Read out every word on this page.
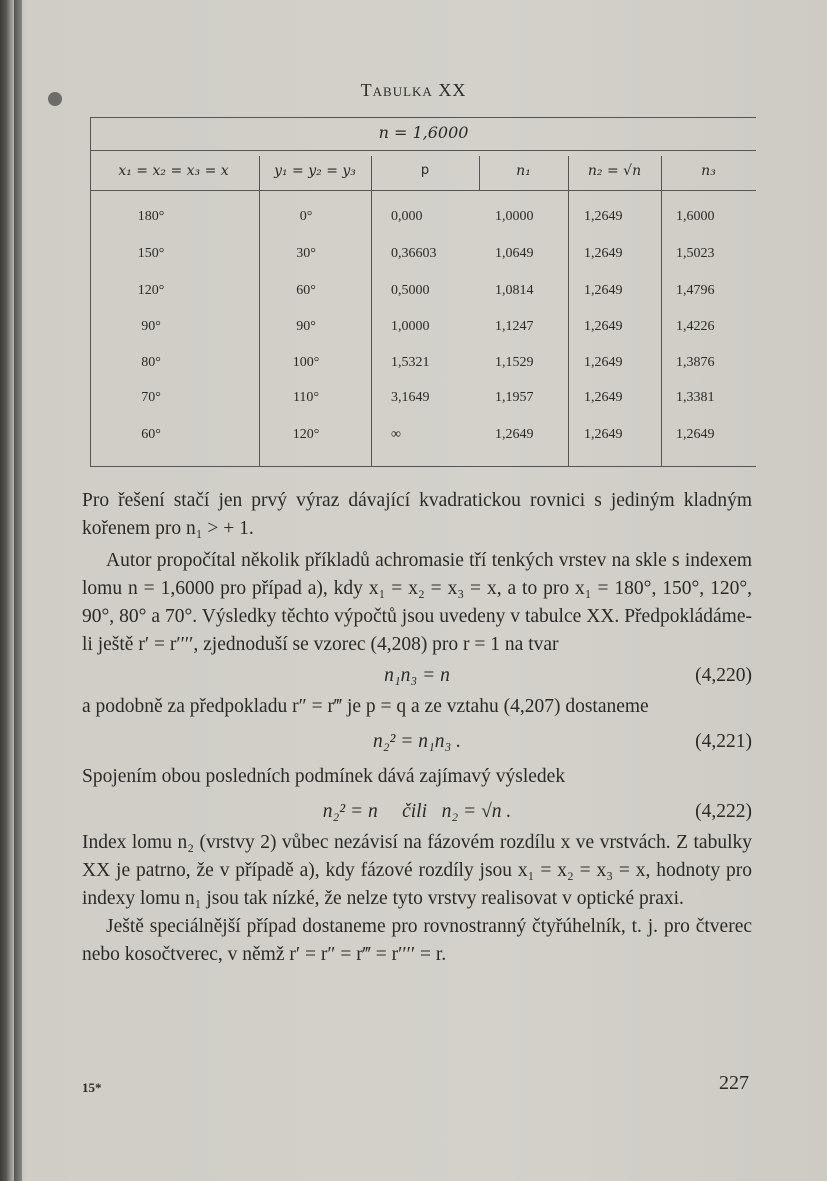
Tabulka XX
n = 1,6000
x₁ = x₂ = x₃ = x	y₁ = y₂ = y₃	p	n₁	n₂ = √n	n₃
180°	0°	0,000	1,0000	1,2649	1,6000
150°	30°	0,36603	1,0649	1,2649	1,5023
120°	60°	0,5000	1,0814	1,2649	1,4796
90°	90°	1,0000	1,1247	1,2649	1,4226
80°	100°	1,5321	1,1529	1,2649	1,3876
70°	110°	3,1649	1,1957	1,2649	1,3381
60°	120°	∞	1,2649	1,2649	1,2649

Pro řešení stačí jen prvý výraz dávající kvadratickou rovnici s jediným kladným kořenem pro n₁ > + 1.

Autor propočítal několik příkladů achromasie tří tenkých vrstev na skle s indexem lomu n = 1,6000 pro případ a), kdy x₁ = x₂ = x₃ = x, a to pro x₁ = 180°, 150°, 120°, 90°, 80° a 70°. Výsledky těchto výpočtů jsou uvedeny v tabulce XX. Předpokládáme-li ještě r′ = r′′′′, zjednoduší se vzorec (4,208) pro r = 1 na tvar

n₁n₃ = n	(4,220)

a podobně za předpokladu r″ = r‴ je p = q a ze vztahu (4,207) dostaneme

n₂² = n₁n₃ .	(4,221)

Spojením obou posledních podmínek dává zajímavý výsledek

n₂² = n     čili   n₂ = √n .	(4,222)

Index lomu n₂ (vrstvy 2) vůbec nezávisí na fázovém rozdílu x ve vrstvách. Z tabulky XX je patrno, že v případě a), kdy fázové rozdíly jsou x₁ = x₂ = x₃ = x, hodnoty pro indexy lomu n₁ jsou tak nízké, že nelze tyto vrstvy realisovat v optické praxi.

Ještě speciálnější případ dostaneme pro rovnostranný čtyřúhelník, t. j. pro čtverec nebo kosočtverec, v němž r′ = r″ = r‴ = r′′′′ = r.

15*	227
